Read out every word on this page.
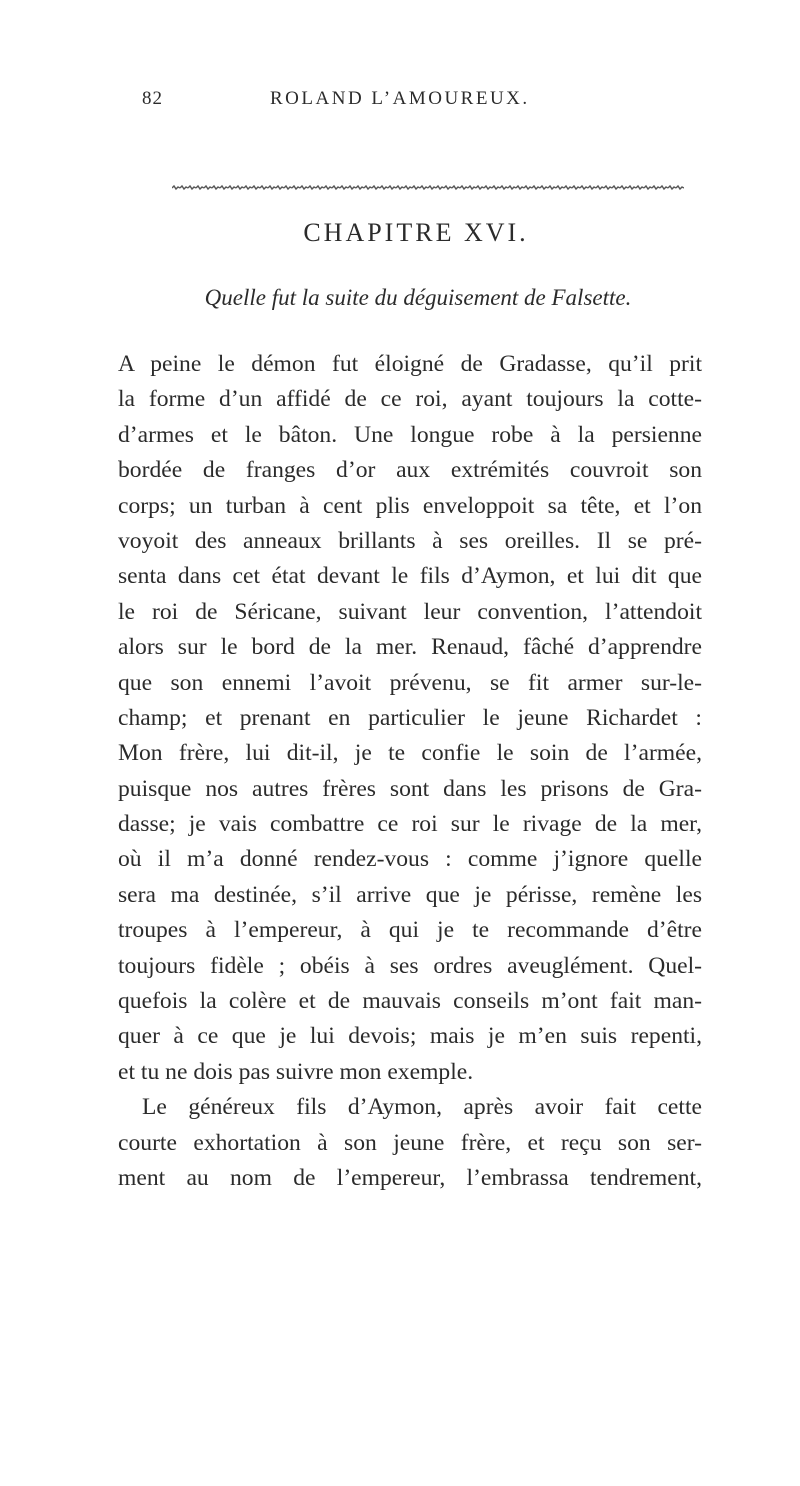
82	ROLAND L’AMOUREUX.
CHAPITRE XVI.
Quelle fut la suite du déguisement de Falsette.
A peine le démon fut éloigné de Gradasse, qu’il prit
la forme d’un affidé de ce roi, ayant toujours la cotte-
d’armes et le bâton. Une longue robe à la persienne
bordée de franges d’or aux extrémités couvroit son
corps; un turban à cent plis enveloppoit sa tête, et l’on
voyoit des anneaux brillants à ses oreilles. Il se pré-
senta dans cet état devant le fils d’Aymon, et lui dit que
le roi de Séricane, suivant leur convention, l’attendoit
alors sur le bord de la mer. Renaud, fâché d’apprendre
que son ennemi l’avoit prévenu, se fit armer sur-le-
champ; et prenant en particulier le jeune Richardet :
Mon frère, lui dit-il, je te confie le soin de l’armée,
puisque nos autres frères sont dans les prisons de Gra-
dasse; je vais combattre ce roi sur le rivage de la mer,
où il m’a donné rendez-vous : comme j’ignore quelle
sera ma destinée, s’il arrive que je périsse, remène les
troupes à l’empereur, à qui je te recommande d’être
toujours fidèle ; obéis à ses ordres aveuglément. Quel-
quefois la colère et de mauvais conseils m’ont fait man-
quer à ce que je lui devois; mais je m’en suis repenti,
et tu ne dois pas suivre mon exemple.
Le généreux fils d’Aymon, après avoir fait cette
courte exhortation à son jeune frère, et reçu son ser-
ment au nom de l’empereur, l’embrassa tendrement,
